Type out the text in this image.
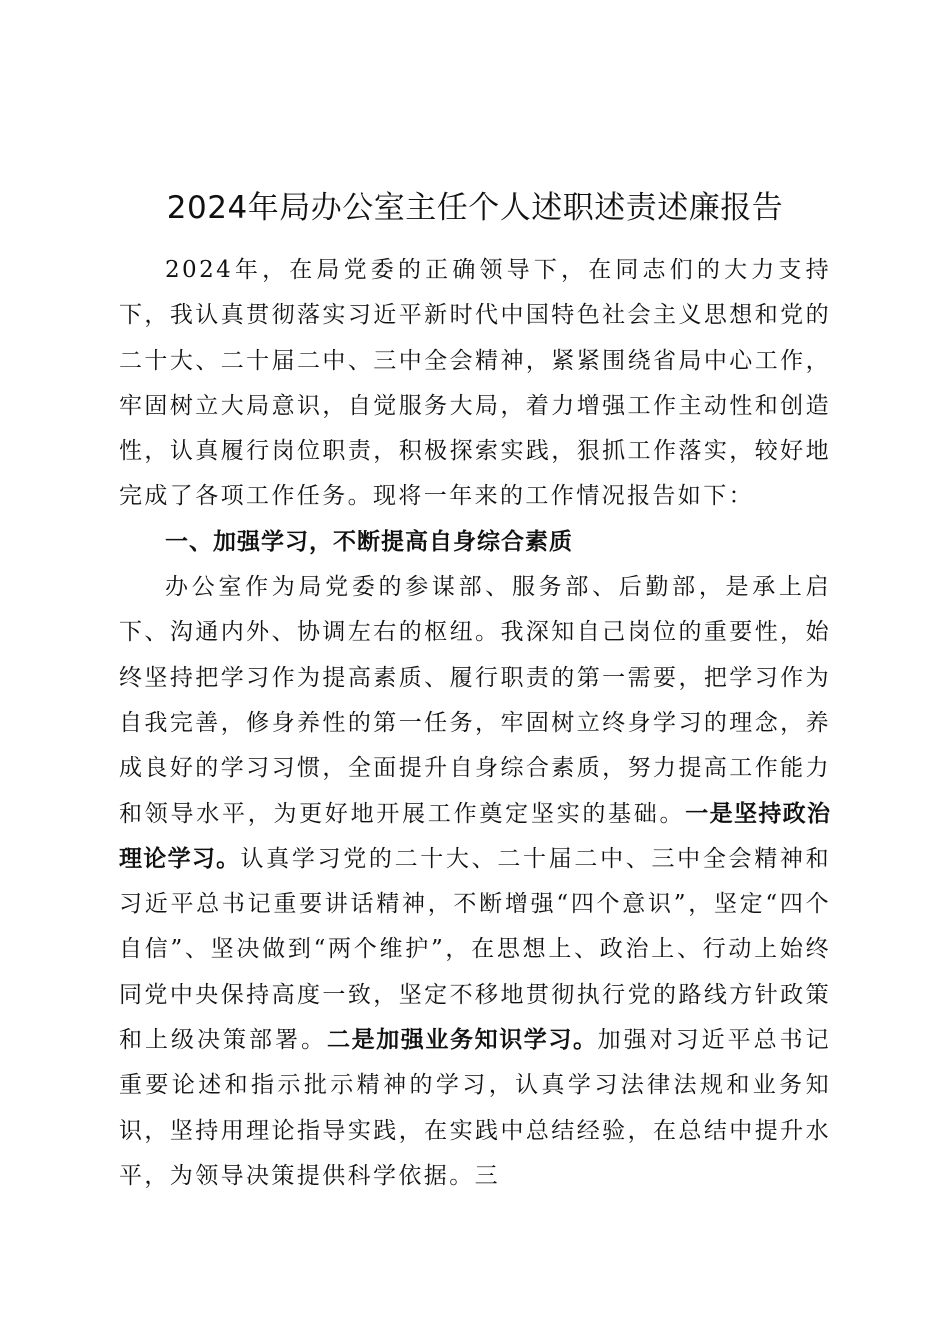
2024年局办公室主任个人述职述责述廉报告

2024年，在局党委的正确领导下，在同志们的大力支持下，我认真贯彻落实习近平新时代中国特色社会主义思想和党的二十大、二十届二中、三中全会精神，紧紧围绕省局中心工作，牢固树立大局意识，自觉服务大局，着力增强工作主动性和创造性，认真履行岗位职责，积极探索实践，狠抓工作落实，较好地完成了各项工作任务。现将一年来的工作情况报告如下：

一、加强学习，不断提高自身综合素质

办公室作为局党委的参谋部、服务部、后勤部，是承上启下、沟通内外、协调左右的枢纽。我深知自己岗位的重要性，始终坚持把学习作为提高素质、履行职责的第一需要，把学习作为自我完善，修身养性的第一任务，牢固树立终身学习的理念，养成良好的学习习惯，全面提升自身综合素质，努力提高工作能力和领导水平，为更好地开展工作奠定坚实的基础。一是坚持政治理论学习。认真学习党的二十大、二十届二中、三中全会精神和习近平总书记重要讲话精神，不断增强“四个意识”，坚定“四个自信”、坚决做到“两个维护”，在思想上、政治上、行动上始终同党中央保持高度一致，坚定不移地贯彻执行党的路线方针政策和上级决策部署。二是加强业务知识学习。加强对习近平总书记重要论述和指示批示精神的学习，认真学习法律法规和业务知识，坚持用理论指导实践，在实践中总结经验，在总结中提升水平，为领导决策提供科学依据。三
